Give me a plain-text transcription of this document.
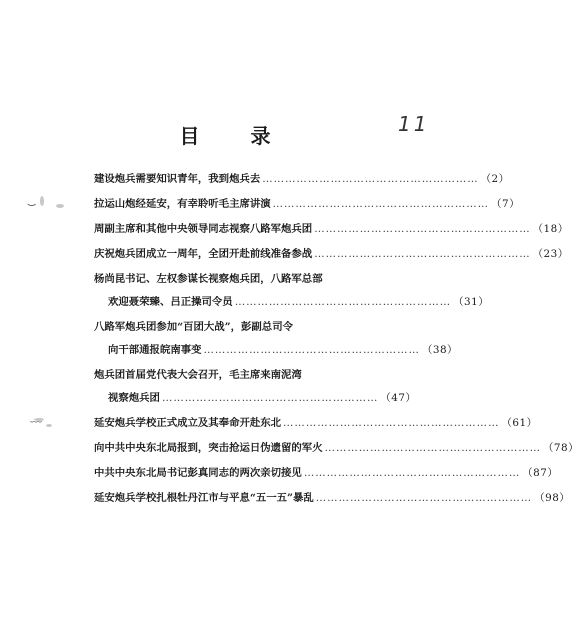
目 录	11
建设炮兵需要知识青年，我到炮兵去 ………………………………………………… （2）
拉运山炮经延安，有幸聆听毛主席讲演 ………………………………………………… （7）
周副主席和其他中央领导同志视察八路军炮兵团 ………………………………………………… （18）
庆祝炮兵团成立一周年，全团开赴前线准备参战 ………………………………………………… （23）
杨尚昆书记、左权参谋长视察炮兵团，八路军总部
欢迎聂荣臻、吕正操司令员 ………………………………………………… （31）
八路军炮兵团参加“百团大战”，彭副总司令
向干部通报皖南事变 ………………………………………………… （38）
炮兵团首届党代表大会召开，毛主席来南泥湾
视察炮兵团 ………………………………………………… （47）
延安炮兵学校正式成立及其奉命开赴东北 ………………………………………………… （61）
向中共中央东北局报到，突击抢运日伪遗留的军火 ………………………………………………… （78）
中共中央东北局书记彭真同志的两次亲切接见 ………………………………………………… （87）
延安炮兵学校扎根牡丹江市与平息“五一五”暴乱 ………………………………………………… （98）
‿
﹏
